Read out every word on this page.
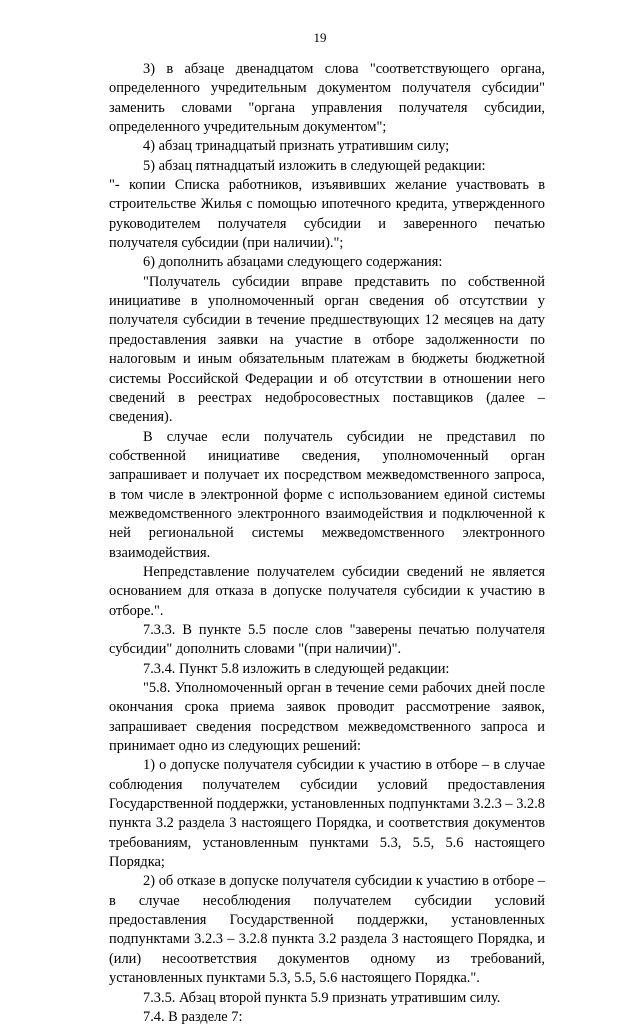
19

3) в абзаце двенадцатом слова "соответствующего органа, определенного учредительным документом получателя субсидии" заменить словами "органа управления получателя субсидии, определенного учредительным документом";

4) абзац тринадцатый признать утратившим силу;

5) абзац пятнадцатый изложить в следующей редакции:

"- копии Списка работников, изъявивших желание участвовать в строительстве Жилья с помощью ипотечного кредита, утвержденного руководителем получателя субсидии и заверенного печатью получателя субсидии (при наличии).";

6) дополнить абзацами следующего содержания:

"Получатель субсидии вправе представить по собственной инициативе в уполномоченный орган сведения об отсутствии у получателя субсидии в течение предшествующих 12 месяцев на дату предоставления заявки на участие в отборе задолженности по налоговым и иным обязательным платежам в бюджеты бюджетной системы Российской Федерации и об отсутствии в отношении него сведений в реестрах недобросовестных поставщиков (далее – сведения).

В случае если получатель субсидии не представил по собственной инициативе сведения, уполномоченный орган запрашивает и получает их посредством межведомственного запроса, в том числе в электронной форме с использованием единой системы межведомственного электронного взаимодействия и подключенной к ней региональной системы межведомственного электронного взаимодействия.

Непредставление получателем субсидии сведений не является основанием для отказа в допуске получателя субсидии к участию в отборе.".

7.3.3. В пункте 5.5 после слов "заверены печатью получателя субсидии" дополнить словами "(при наличии)".

7.3.4. Пункт 5.8 изложить в следующей редакции:

"5.8. Уполномоченный орган в течение семи рабочих дней после окончания срока приема заявок проводит рассмотрение заявок, запрашивает сведения посредством межведомственного запроса и принимает одно из следующих решений:

1) о допуске получателя субсидии к участию в отборе – в случае соблюдения получателем субсидии условий предоставления Государственной поддержки, установленных подпунктами 3.2.3 – 3.2.8 пункта 3.2 раздела 3 настоящего Порядка, и соответствия документов требованиям, установленным пунктами 5.3, 5.5, 5.6 настоящего Порядка;

2) об отказе в допуске получателя субсидии к участию в отборе – в случае несоблюдения получателем субсидии условий предоставления Государственной поддержки, установленных подпунктами 3.2.3 – 3.2.8 пункта 3.2 раздела 3 настоящего Порядка, и (или) несоответствия документов одному из требований, установленных пунктами 5.3, 5.5, 5.6 настоящего Порядка.".

7.3.5. Абзац второй пункта 5.9 признать утратившим силу.

7.4. В разделе 7:
